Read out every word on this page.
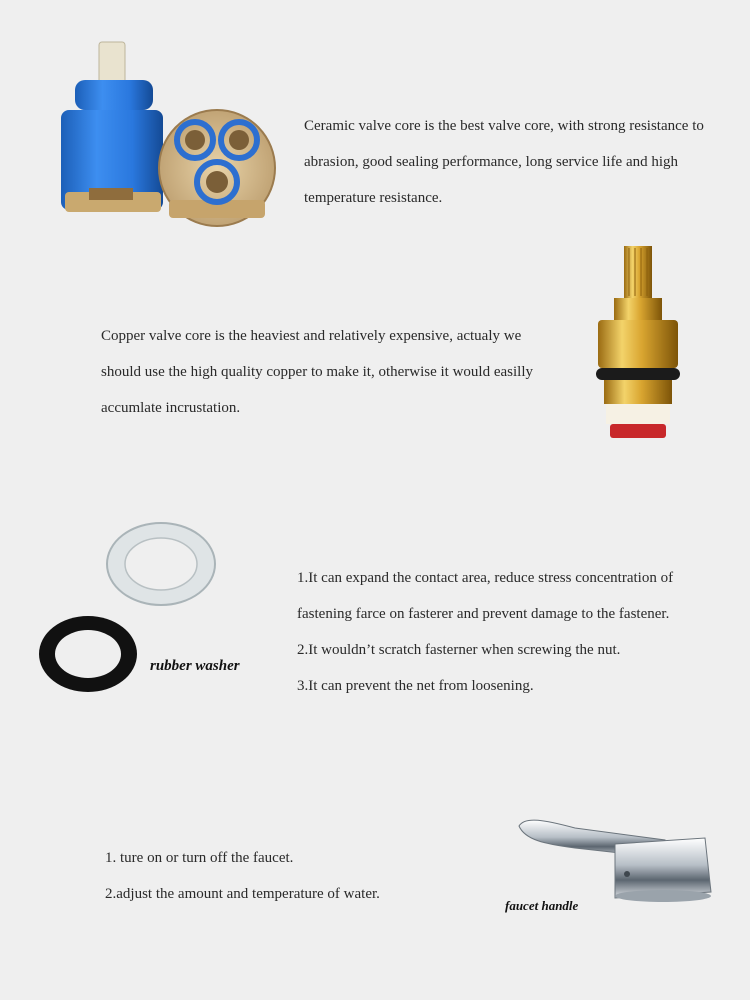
Ceramic valve core is the best valve core, with strong resistance to

abrasion, good sealing performance, long service life and high

temperature resistance.

Copper valve core is the heaviest and relatively expensive, actualy we

should use the high quality copper to make it, otherwise it would easilly

accumlate incrustation.

rubber washer

1.It can expand the contact area, reduce stress concentration of

fastening farce on fasterer and prevent damage to the fastener.

2.It wouldn’t scratch fasterner when screwing the nut.

3.It can prevent the net from loosening.

faucet handle

1. ture on or turn off the faucet.

2.adjust the amount and temperature of water.
